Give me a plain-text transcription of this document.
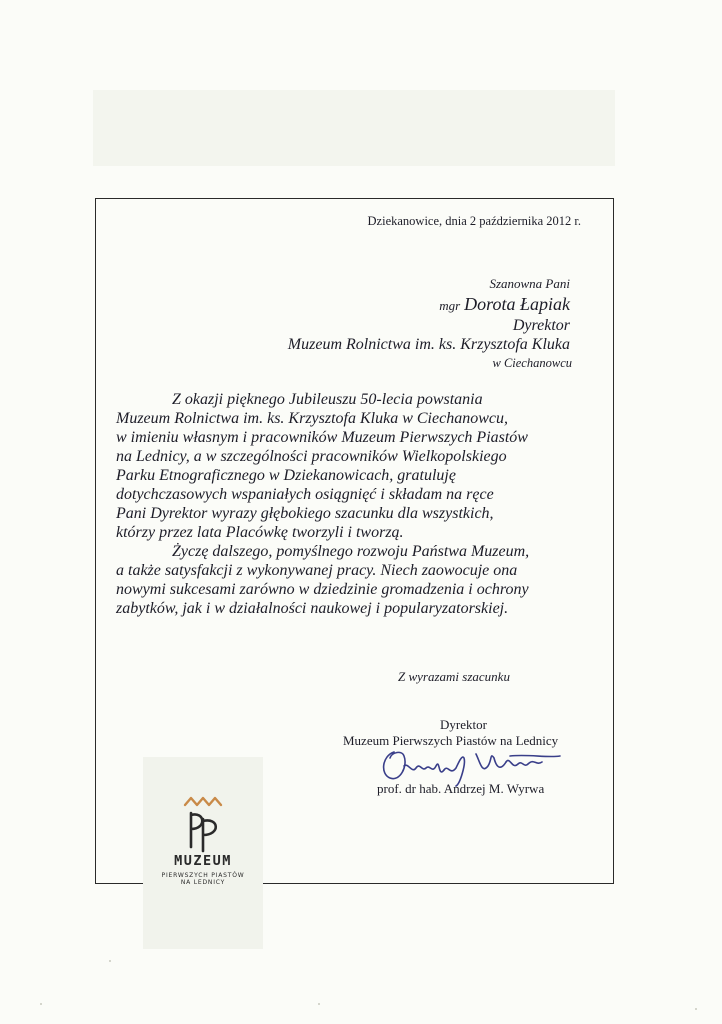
Dziekanowice, dnia 2 października 2012 r.
Szanowna Pani
mgr Dorota Łapiak
Dyrektor
Muzeum Rolnictwa im. ks. Krzysztofa Kluka
w Ciechanowcu

Z okazji pięknego Jubileuszu 50-lecia powstania

Muzeum Rolnictwa im. ks. Krzysztofa Kluka w Ciechanowcu,

w imieniu własnym i pracowników Muzeum Pierwszych Piastów

na Lednicy, a w szczególności pracowników Wielkopolskiego

Parku Etnograficznego w Dziekanowicach, gratuluję

dotychczasowych wspaniałych osiągnięć i składam na ręce

Pani Dyrektor wyrazy głębokiego szacunku dla wszystkich,

którzy przez lata Placówkę tworzyli i tworzą.

Życzę dalszego, pomyślnego rozwoju Państwa Muzeum,

a także satysfakcji z wykonywanej pracy. Niech zaowocuje ona

nowymi sukcesami zarówno w dziedzinie gromadzenia i ochrony

zabytków, jak i w działalności naukowej i popularyzatorskiej.

Z wyrazami szacunku
Dyrektor
Muzeum Pierwszych Piastów na Lednicy
prof. dr hab. Andrzej M. Wyrwa
MUZEUM
PIERWSZYCH PIASTÓW
NA LEDNICY
